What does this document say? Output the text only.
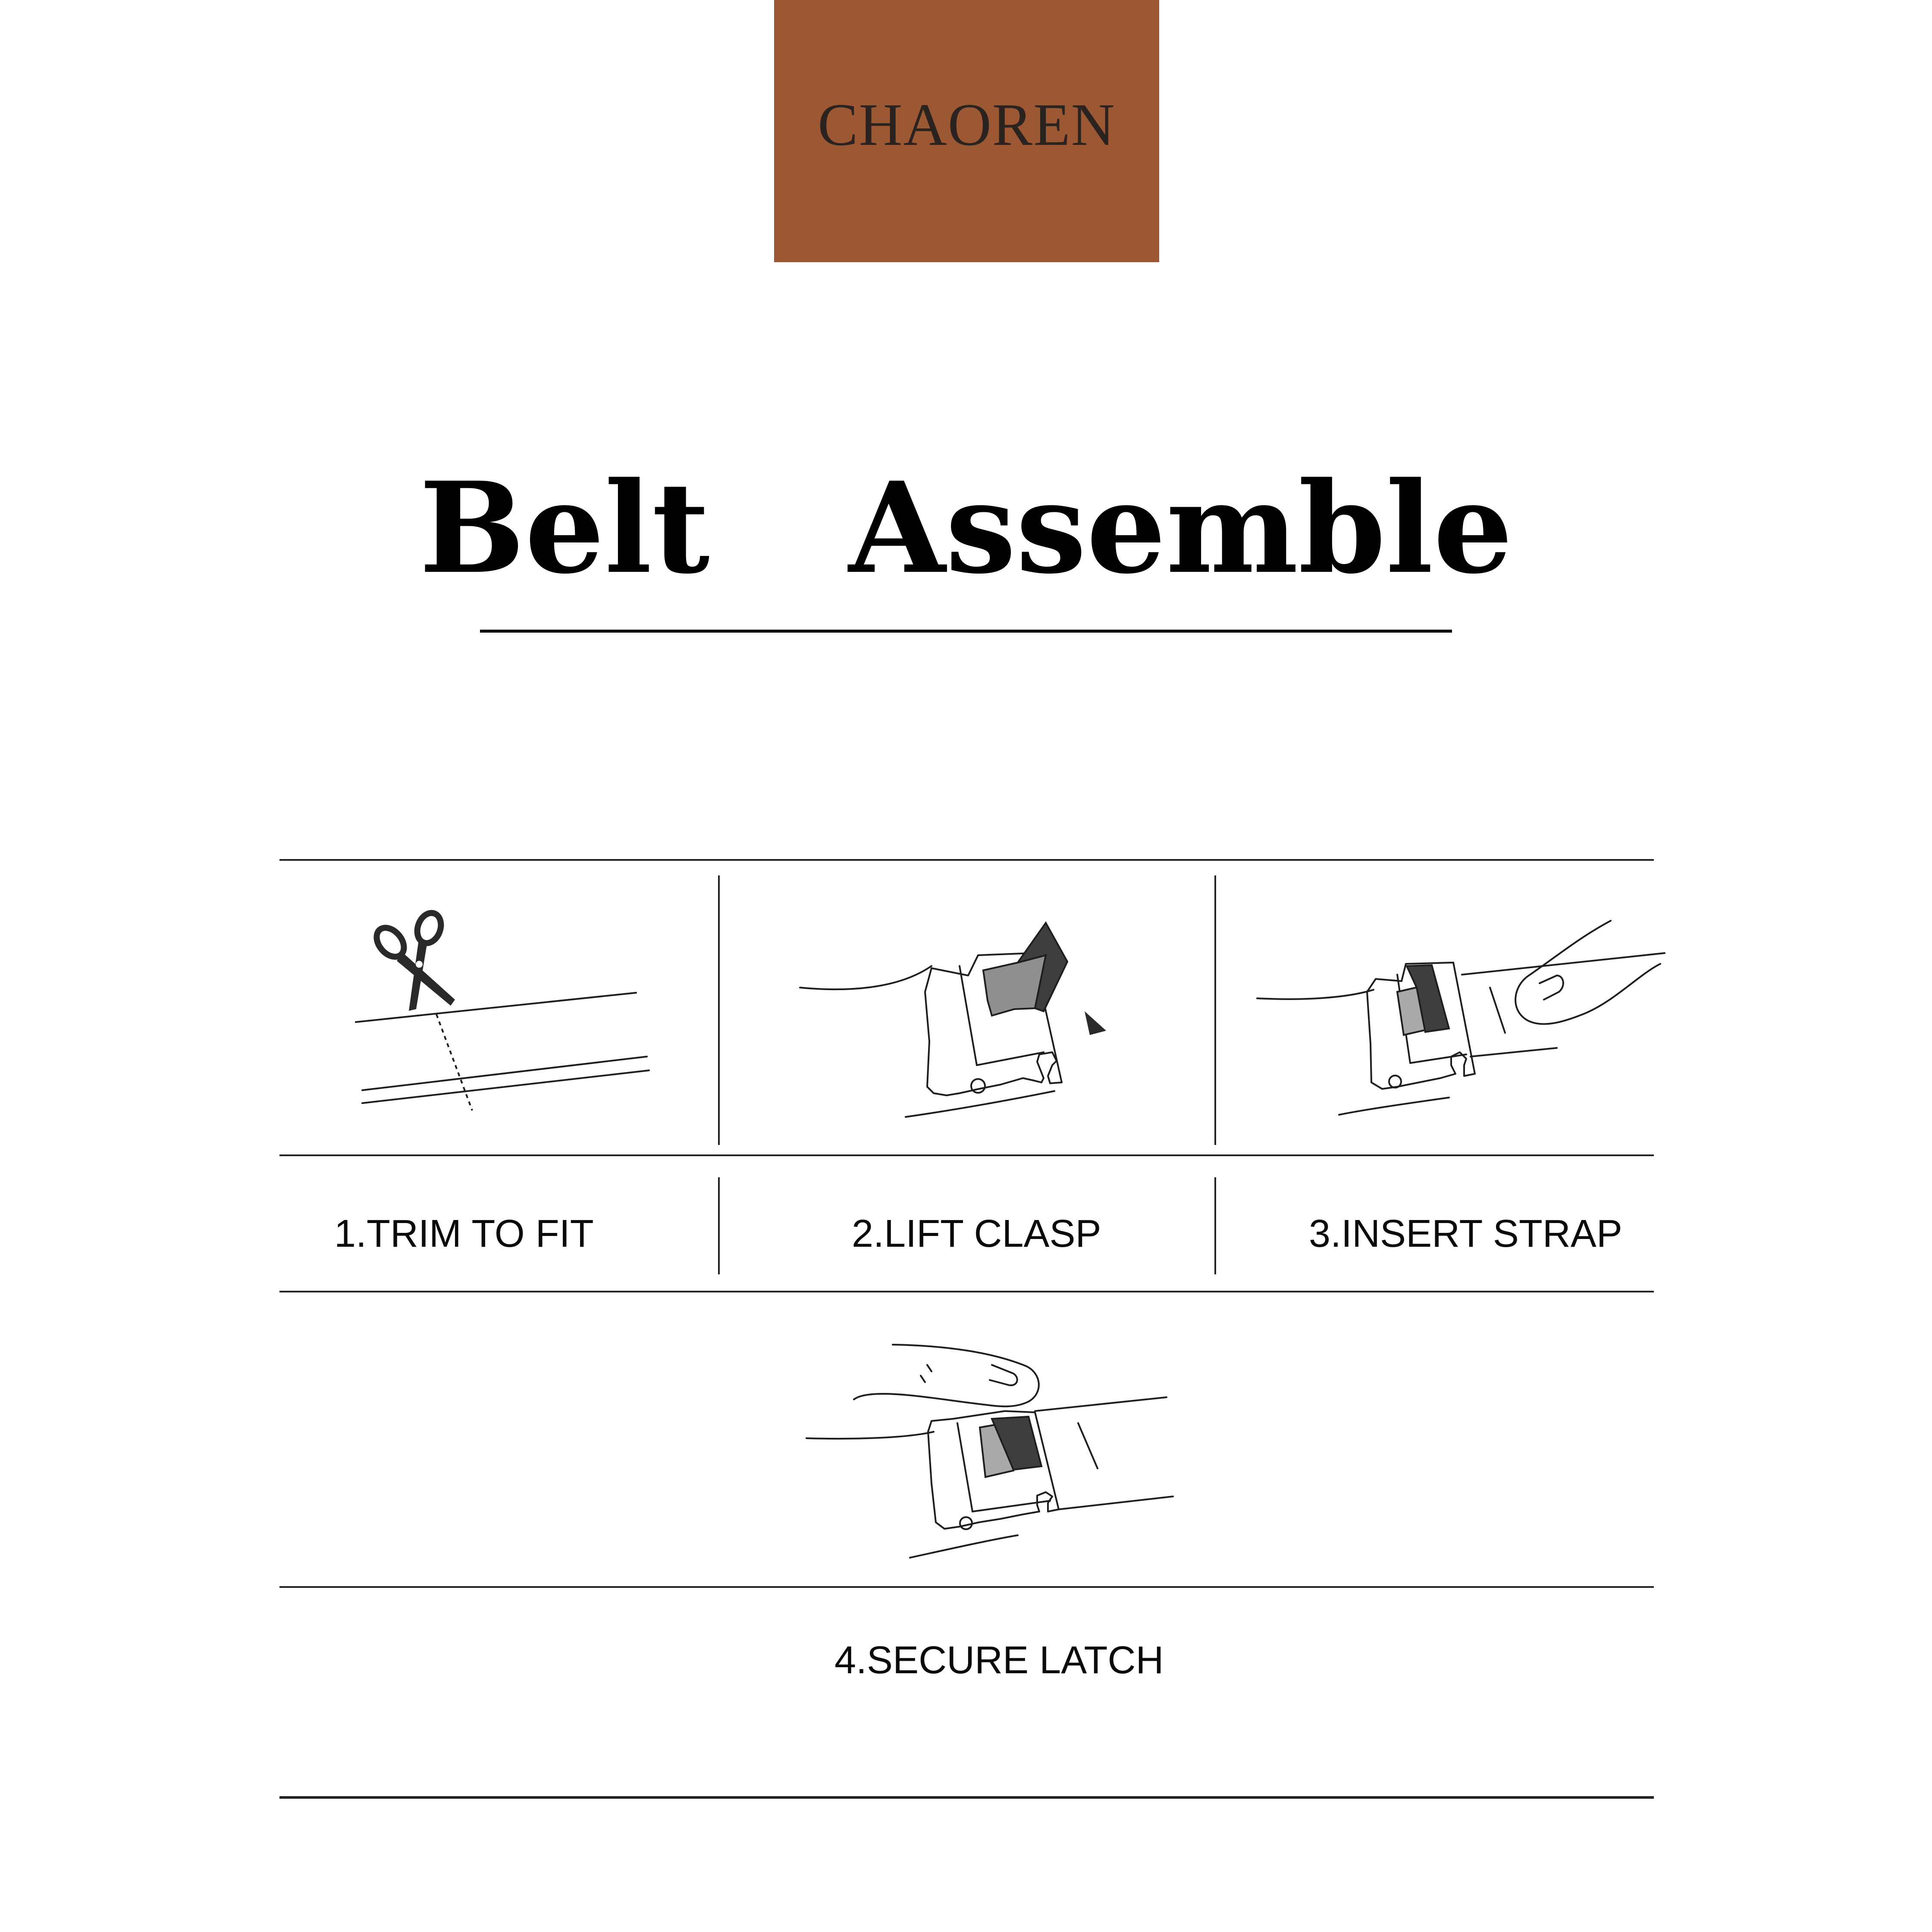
CHAOREN
Belt  Assemble
1.TRIM TO FIT	2.LIFT CLASP	3.INSERT STRAP
4.SECURE LATCH
